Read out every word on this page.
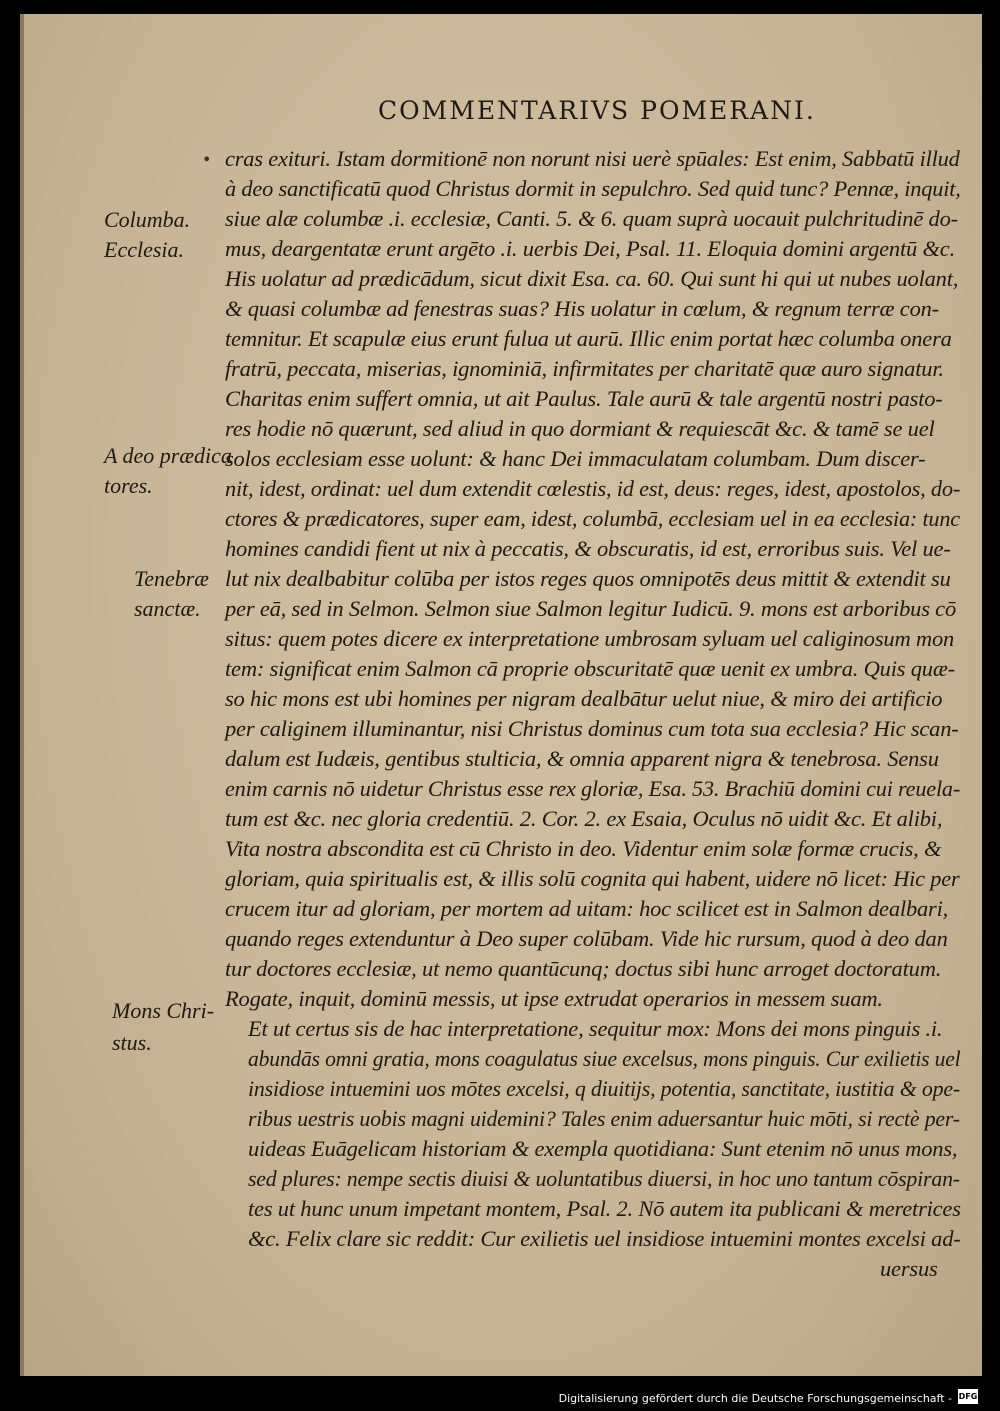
COMMENTARIVS POMERANI.
•
Columba.
Ecclesia.
A deo prædica
tores.
Tenebræ
sanctæ.
Mons Chri-
stus.
cras exituri. Istam dormitionē non norunt nisi uerè spūales: Est enim, Sabbatū illud
à deo sanctificatū quod Christus dormit in sepulchro. Sed quid tunc? Pennæ, inquit,
siue alæ columbæ .i. ecclesiæ, Canti. 5. & 6. quam suprà uocauit pulchritudinē do-
mus, deargentatæ erunt argēto .i. uerbis Dei, Psal. 11. Eloquia domini argentū &c.
His uolatur ad prædicādum, sicut dixit Esa. ca. 60. Qui sunt hi qui ut nubes uolant,
& quasi columbæ ad fenestras suas? His uolatur in cœlum, & regnum terræ con-
temnitur. Et scapulæ eius erunt fulua ut aurū. Illic enim portat hæc columba onera
fratrū, peccata, miserias, ignominiā, infirmitates per charitatē quæ auro signatur.
Charitas enim suffert omnia, ut ait Paulus. Tale aurū & tale argentū nostri pasto-
res hodie nō quærunt, sed aliud in quo dormiant & requiescāt &c. & tamē se uel
solos ecclesiam esse uolunt: & hanc Dei immaculatam columbam. Dum discer-
nit, idest, ordinat: uel dum extendit cœlestis, id est, deus: reges, idest, apostolos, do-
ctores & prædicatores, super eam, idest, columbā, ecclesiam uel in ea ecclesia: tunc
homines candidi fient ut nix à peccatis, & obscuratis, id est, erroribus suis. Vel ue-
lut nix dealbabitur colūba per istos reges quos omnipotēs deus mittit & extendit su
per eā, sed in Selmon. Selmon siue Salmon legitur Iudicū. 9. mons est arboribus cō
situs: quem potes dicere ex interpretatione umbrosam syluam uel caliginosum mon
tem: significat enim Salmon cā proprie obscuritatē quæ uenit ex umbra. Quis quæ-
so hic mons est ubi homines per nigram dealbātur uelut niue, & miro dei artificio
per caliginem illuminantur, nisi Christus dominus cum tota sua ecclesia? Hic scan-
dalum est Iudæis, gentibus stulticia, & omnia apparent nigra & tenebrosa. Sensu
enim carnis nō uidetur Christus esse rex gloriæ, Esa. 53. Brachiū domini cui reuela-
tum est &c. nec gloria credentiū. 2. Cor. 2. ex Esaia, Oculus nō uidit &c. Et alibi,
Vita nostra abscondita est cū Christo in deo. Videntur enim solæ formæ crucis, &
gloriam, quia spiritualis est, & illis solū cognita qui habent, uidere nō licet: Hic per
crucem itur ad gloriam, per mortem ad uitam: hoc scilicet est in Salmon dealbari,
quando reges extenduntur à Deo super colūbam. Vide hic rursum, quod à deo dan
tur doctores ecclesiæ, ut nemo quantūcunq; doctus sibi hunc arroget doctoratum.
Rogate, inquit, dominū messis, ut ipse extrudat operarios in messem suam.
Et ut certus sis de hac interpretatione, sequitur mox: Mons dei mons pinguis .i.
abundās omni gratia, mons coagulatus siue excelsus, mons pinguis. Cur exilietis uel
insidiose intuemini uos mōtes excelsi, q diuitijs, potentia, sanctitate, iustitia & ope-
ribus uestris uobis magni uidemini? Tales enim aduersantur huic mōti, si rectè per-
uideas Euāgelicam historiam & exempla quotidiana: Sunt etenim nō unus mons,
sed plures: nempe sectis diuisi & uoluntatibus diuersi, in hoc uno tantum cōspiran-
tes ut hunc unum impetant montem, Psal. 2. Nō autem ita publicani & meretrices
&c. Felix clare sic reddit: Cur exilietis uel insidiose intuemini montes excelsi ad-
uersus
Digitalisierung gefördert durch die Deutsche Forschungsgemeinschaft - DFG
